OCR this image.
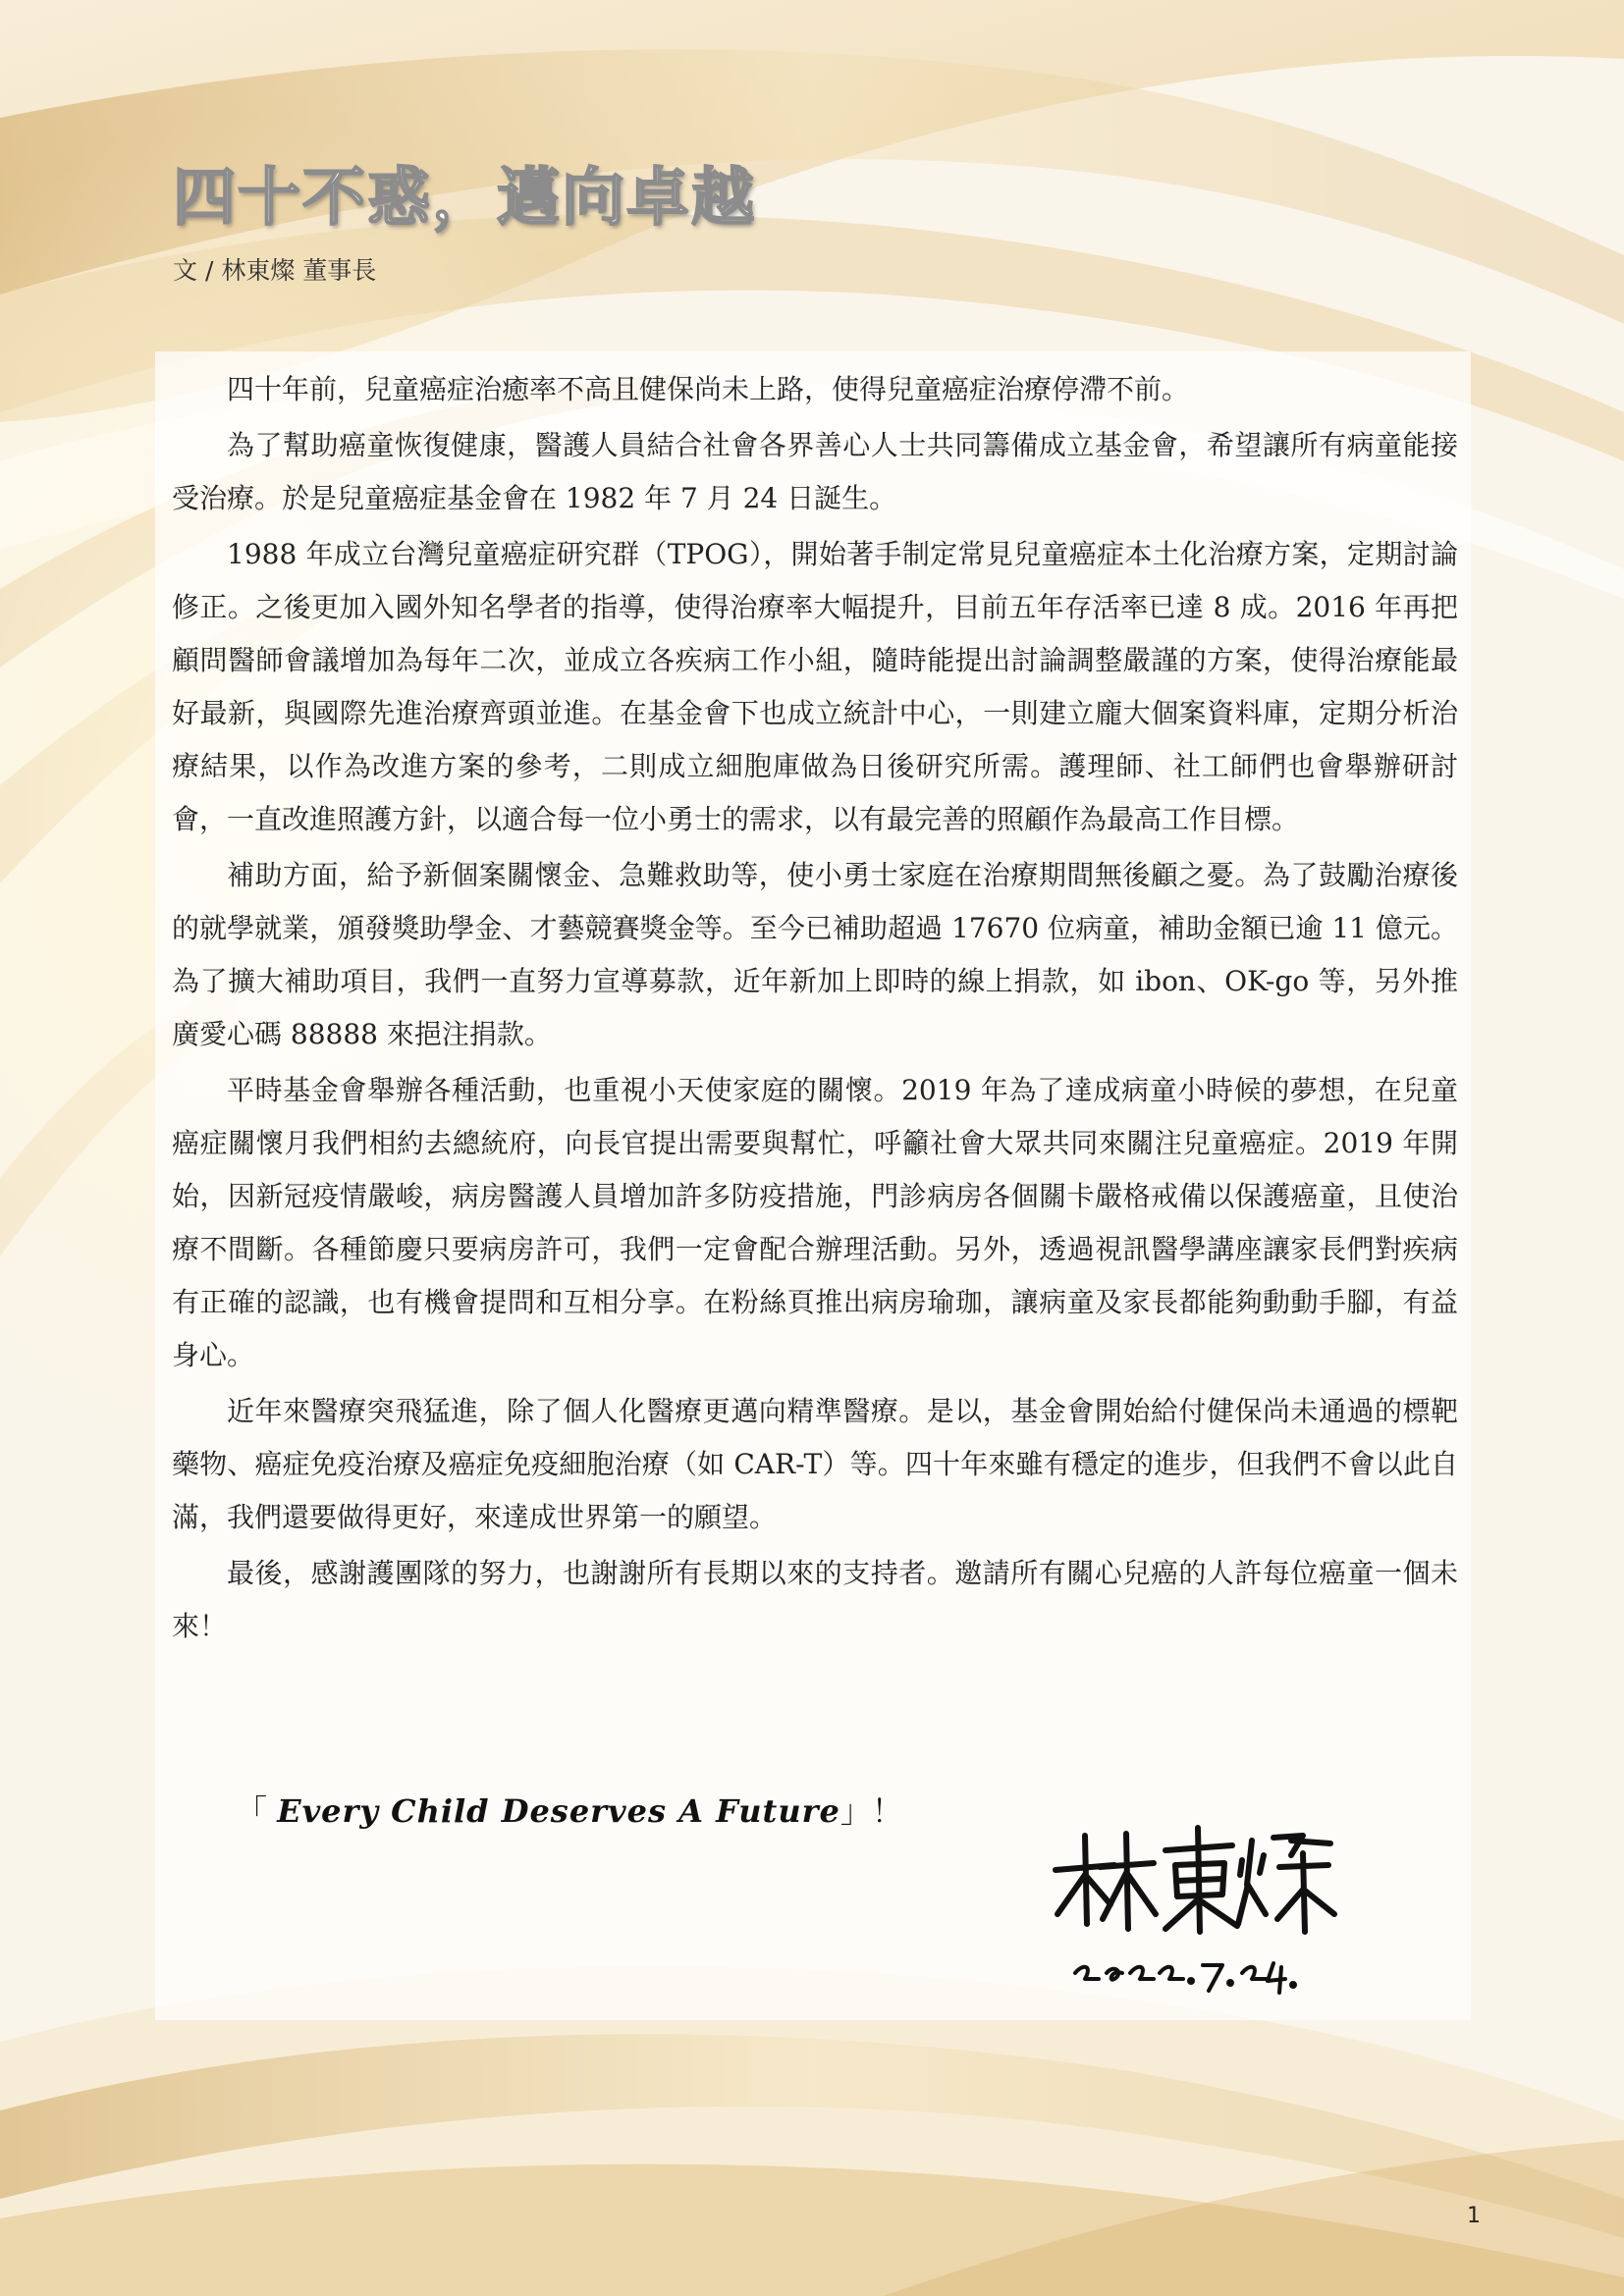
四十不惑，邁向卓越
文 / 林東燦 董事長

四十年前，兒童癌症治癒率不高且健保尚未上路，使得兒童癌症治療停滯不前。

為了幫助癌童恢復健康，醫護人員結合社會各界善心人士共同籌備成立基金會，希望讓所有病童能接受治療。於是兒童癌症基金會在 1982 年 7 月 24 日誕生。

1988 年成立台灣兒童癌症研究群（TPOG），開始著手制定常見兒童癌症本土化治療方案，定期討論修正。之後更加入國外知名學者的指導，使得治療率大幅提升，目前五年存活率已達 8 成。2016 年再把顧問醫師會議增加為每年二次，並成立各疾病工作小組，隨時能提出討論調整嚴謹的方案，使得治療能最好最新，與國際先進治療齊頭並進。在基金會下也成立統計中心，一則建立龐大個案資料庫，定期分析治療結果，以作為改進方案的參考，二則成立細胞庫做為日後研究所需。護理師、社工師們也會舉辦研討會，一直改進照護方針，以適合每一位小勇士的需求，以有最完善的照顧作為最高工作目標。

補助方面，給予新個案關懷金、急難救助等，使小勇士家庭在治療期間無後顧之憂。為了鼓勵治療後的就學就業，頒發獎助學金、才藝競賽獎金等。至今已補助超過 17670 位病童，補助金額已逾 11 億元。 為了擴大補助項目，我們一直努力宣導募款，近年新加上即時的線上捐款，如 ibon、OK-go 等，另外推廣愛心碼 88888 來挹注捐款。

平時基金會舉辦各種活動，也重視小天使家庭的關懷。2019 年為了達成病童小時候的夢想，在兒童癌症關懷月我們相約去總統府，向長官提出需要與幫忙，呼籲社會大眾共同來關注兒童癌症。2019 年開始，因新冠疫情嚴峻，病房醫護人員增加許多防疫措施，門診病房各個關卡嚴格戒備以保護癌童，且使治療不間斷。各種節慶只要病房許可，我們一定會配合辦理活動。另外，透過視訊醫學講座讓家長們對疾病有正確的認識，也有機會提問和互相分享。在粉絲頁推出病房瑜珈，讓病童及家長都能夠動動手腳，有益身心。

近年來醫療突飛猛進，除了個人化醫療更邁向精準醫療。是以，基金會開始給付健保尚未通過的標靶藥物、癌症免疫治療及癌症免疫細胞治療（如 CAR-T）等。四十年來雖有穩定的進步，但我們不會以此自滿，我們還要做得更好，來達成世界第一的願望。

最後，感謝護團隊的努力，也謝謝所有長期以來的支持者。邀請所有關心兒癌的人許每位癌童一個未來！

「 Every Child Deserves A Future」！
1
